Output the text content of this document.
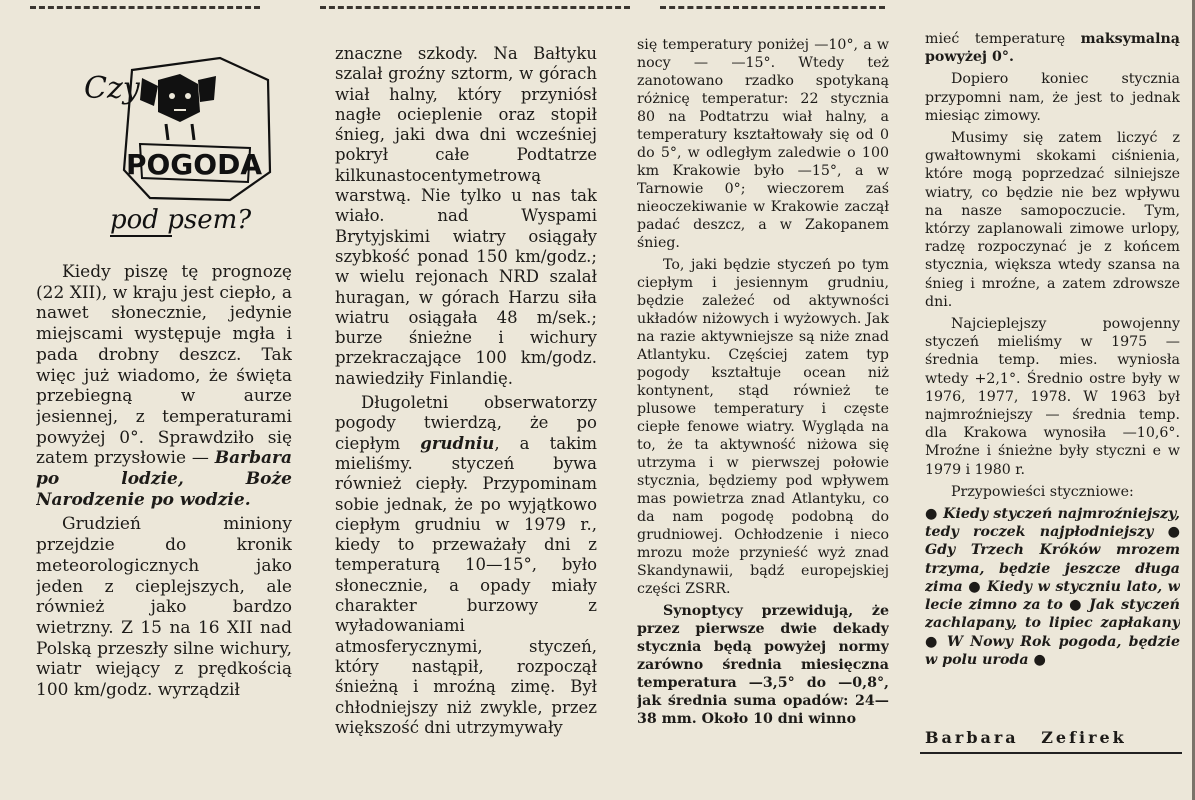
POGODA
Czy
pod psem?

Kiedy piszę tę prognozę (22 XII), w kraju jest ciepło, a nawet słonecznie, jedynie miejscami występuje mgła i pada drobny deszcz. Tak więc już wiadomo, że święta przebiegną w aurze jesiennej, z temperaturami powyżej 0°. Sprawdziło się zatem przysłowie — Barbara po lodzie, Boże Narodzenie po wodzie.

Grudzień miniony przejdzie do kronik meteorologicznych jako jeden z cieplejszych, ale również jako bardzo wietrzny. Z 15 na 16 XII nad Polską przeszły silne wichury, wiatr wiejący z prędkością 100 km/godz. wyrządził

znaczne szkody. Na Bałtyku szalał groźny sztorm, w górach wiał halny, który przyniósł nagłe ocieplenie oraz stopił śnieg, jaki dwa dni wcześniej pokrył całe Podtatrze kilkunastocentymetrową warstwą. Nie tylko u nas tak wiało. nad Wyspami Brytyjskimi wiatry osiągały szybkość ponad 150 km/godz.; w wielu rejonach NRD szalał huragan, w górach Harzu siła wiatru osiągała 48 m/sek.; burze śnieżne i wichury przekraczające 100 km/godz. nawiedziły Finlandię.

Długoletni obserwatorzy pogody twierdzą, że po ciepłym grudniu, a takim mieliśmy. styczeń bywa również ciepły. Przypominam sobie jednak, że po wyjątkowo ciepłym grudniu w 1979 r., kiedy to przeważały dni z temperaturą 10—15°, było słonecznie, a opady miały charakter burzowy z wyładowaniami atmosferycznymi, styczeń, który nastąpił, rozpoczął śnieżną i mroźną zimę. Był chłodniejszy niż zwykle, przez większość dni utrzymywały

się temperatury poniżej —10°, a w nocy — —15°. Wtedy też zanotowano rzadko spotykaną różnicę temperatur: 22 stycznia 80 na Podtatrzu wiał halny, a temperatury kształtowały się od 0 do 5°, w odległym zaledwie o 100 km Krakowie było —15°, a w Tarnowie 0°; wieczorem zaś nieoczekiwanie w Krakowie zaczął padać deszcz, a w Zakopanem śnieg.

To, jaki będzie styczeń po tym ciepłym i jesiennym grudniu, będzie zależeć od aktywności układów niżowych i wyżowych. Jak na razie aktywniejsze są niże znad Atlantyku. Częściej zatem typ pogody kształtuje ocean niż kontynent, stąd również te plusowe temperatury i częste ciepłe fenowe wiatry. Wygląda na to, że ta aktywność niżowa się utrzyma i w pierwszej połowie stycznia, będziemy pod wpływem mas powietrza znad Atlantyku, co da nam pogodę podobną do grudniowej. Ochłodzenie i nieco mrozu może przynieść wyż znad Skandynawii, bądź europejskiej części ZSRR.

Synoptycy przewidują, że przez pierwsze dwie dekady stycznia będą powyżej normy zarówno średnia miesięczna temperatura —3,5° do —0,8°, jak średnia suma opadów: 24—38 mm. Około 10 dni winno

mieć temperaturę maksymalną powyżej 0°.

Dopiero koniec stycznia przypomni nam, że jest to jednak miesiąc zimowy.

Musimy się zatem liczyć z gwałtownymi skokami ciśnienia, które mogą poprzedzać silniejsze wiatry, co będzie nie bez wpływu na nasze samopoczucie. Tym, którzy zaplanowali zimowe urlopy, radzę rozpoczynać je z końcem stycznia, większa wtedy szansa na śnieg i mroźne, a zatem zdrowsze dni.

Najcieplejszy powojenny styczeń mieliśmy w 1975 — średnia temp. mies. wyniosła wtedy +2,1°. Średnio ostre były w 1976, 1977, 1978. W 1963 był najmroźniejszy — średnia temp. dla Krakowa wynosiła —10,6°. Mroźne i śnieżne były styczni e w 1979 i 1980 r.

Przypowieści styczniowe:

● Kiedy styczeń najmroźniejszy, tedy roczek najpłodniejszy ● Gdy Trzech Króków mrozem trzyma, będzie jeszcze długa zima ● Kiedy w styczniu lato, w lecie zimno za to ● Jak styczeń zachlapany, to lipiec zapłakany ● W Nowy Rok pogoda, będzie w polu uroda ●

Barbara Zefirek
